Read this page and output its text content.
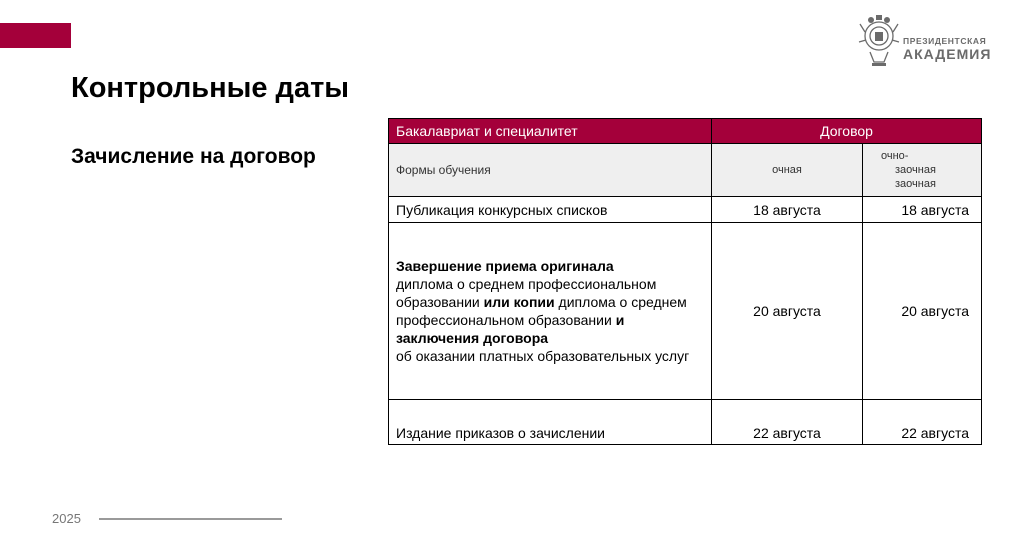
ПРЕЗИДЕНТСКАЯ
АКАДЕМИЯ
Контрольные даты
Зачисление на договор
Бакалавриат и специалитет	Договор	
Формы обучения	очная	очно-
заочная
заочная

Публикация конкурсных списков	18 августа	18 августа
Завершение приема оригинала
диплома о среднем профессиональном образовании или копии диплома о среднем профессиональном образовании и заключения договора
об оказании платных образовательных услуг	20 августа	20 августа
Издание приказов о зачислении	22 августа	22 августа
2025
